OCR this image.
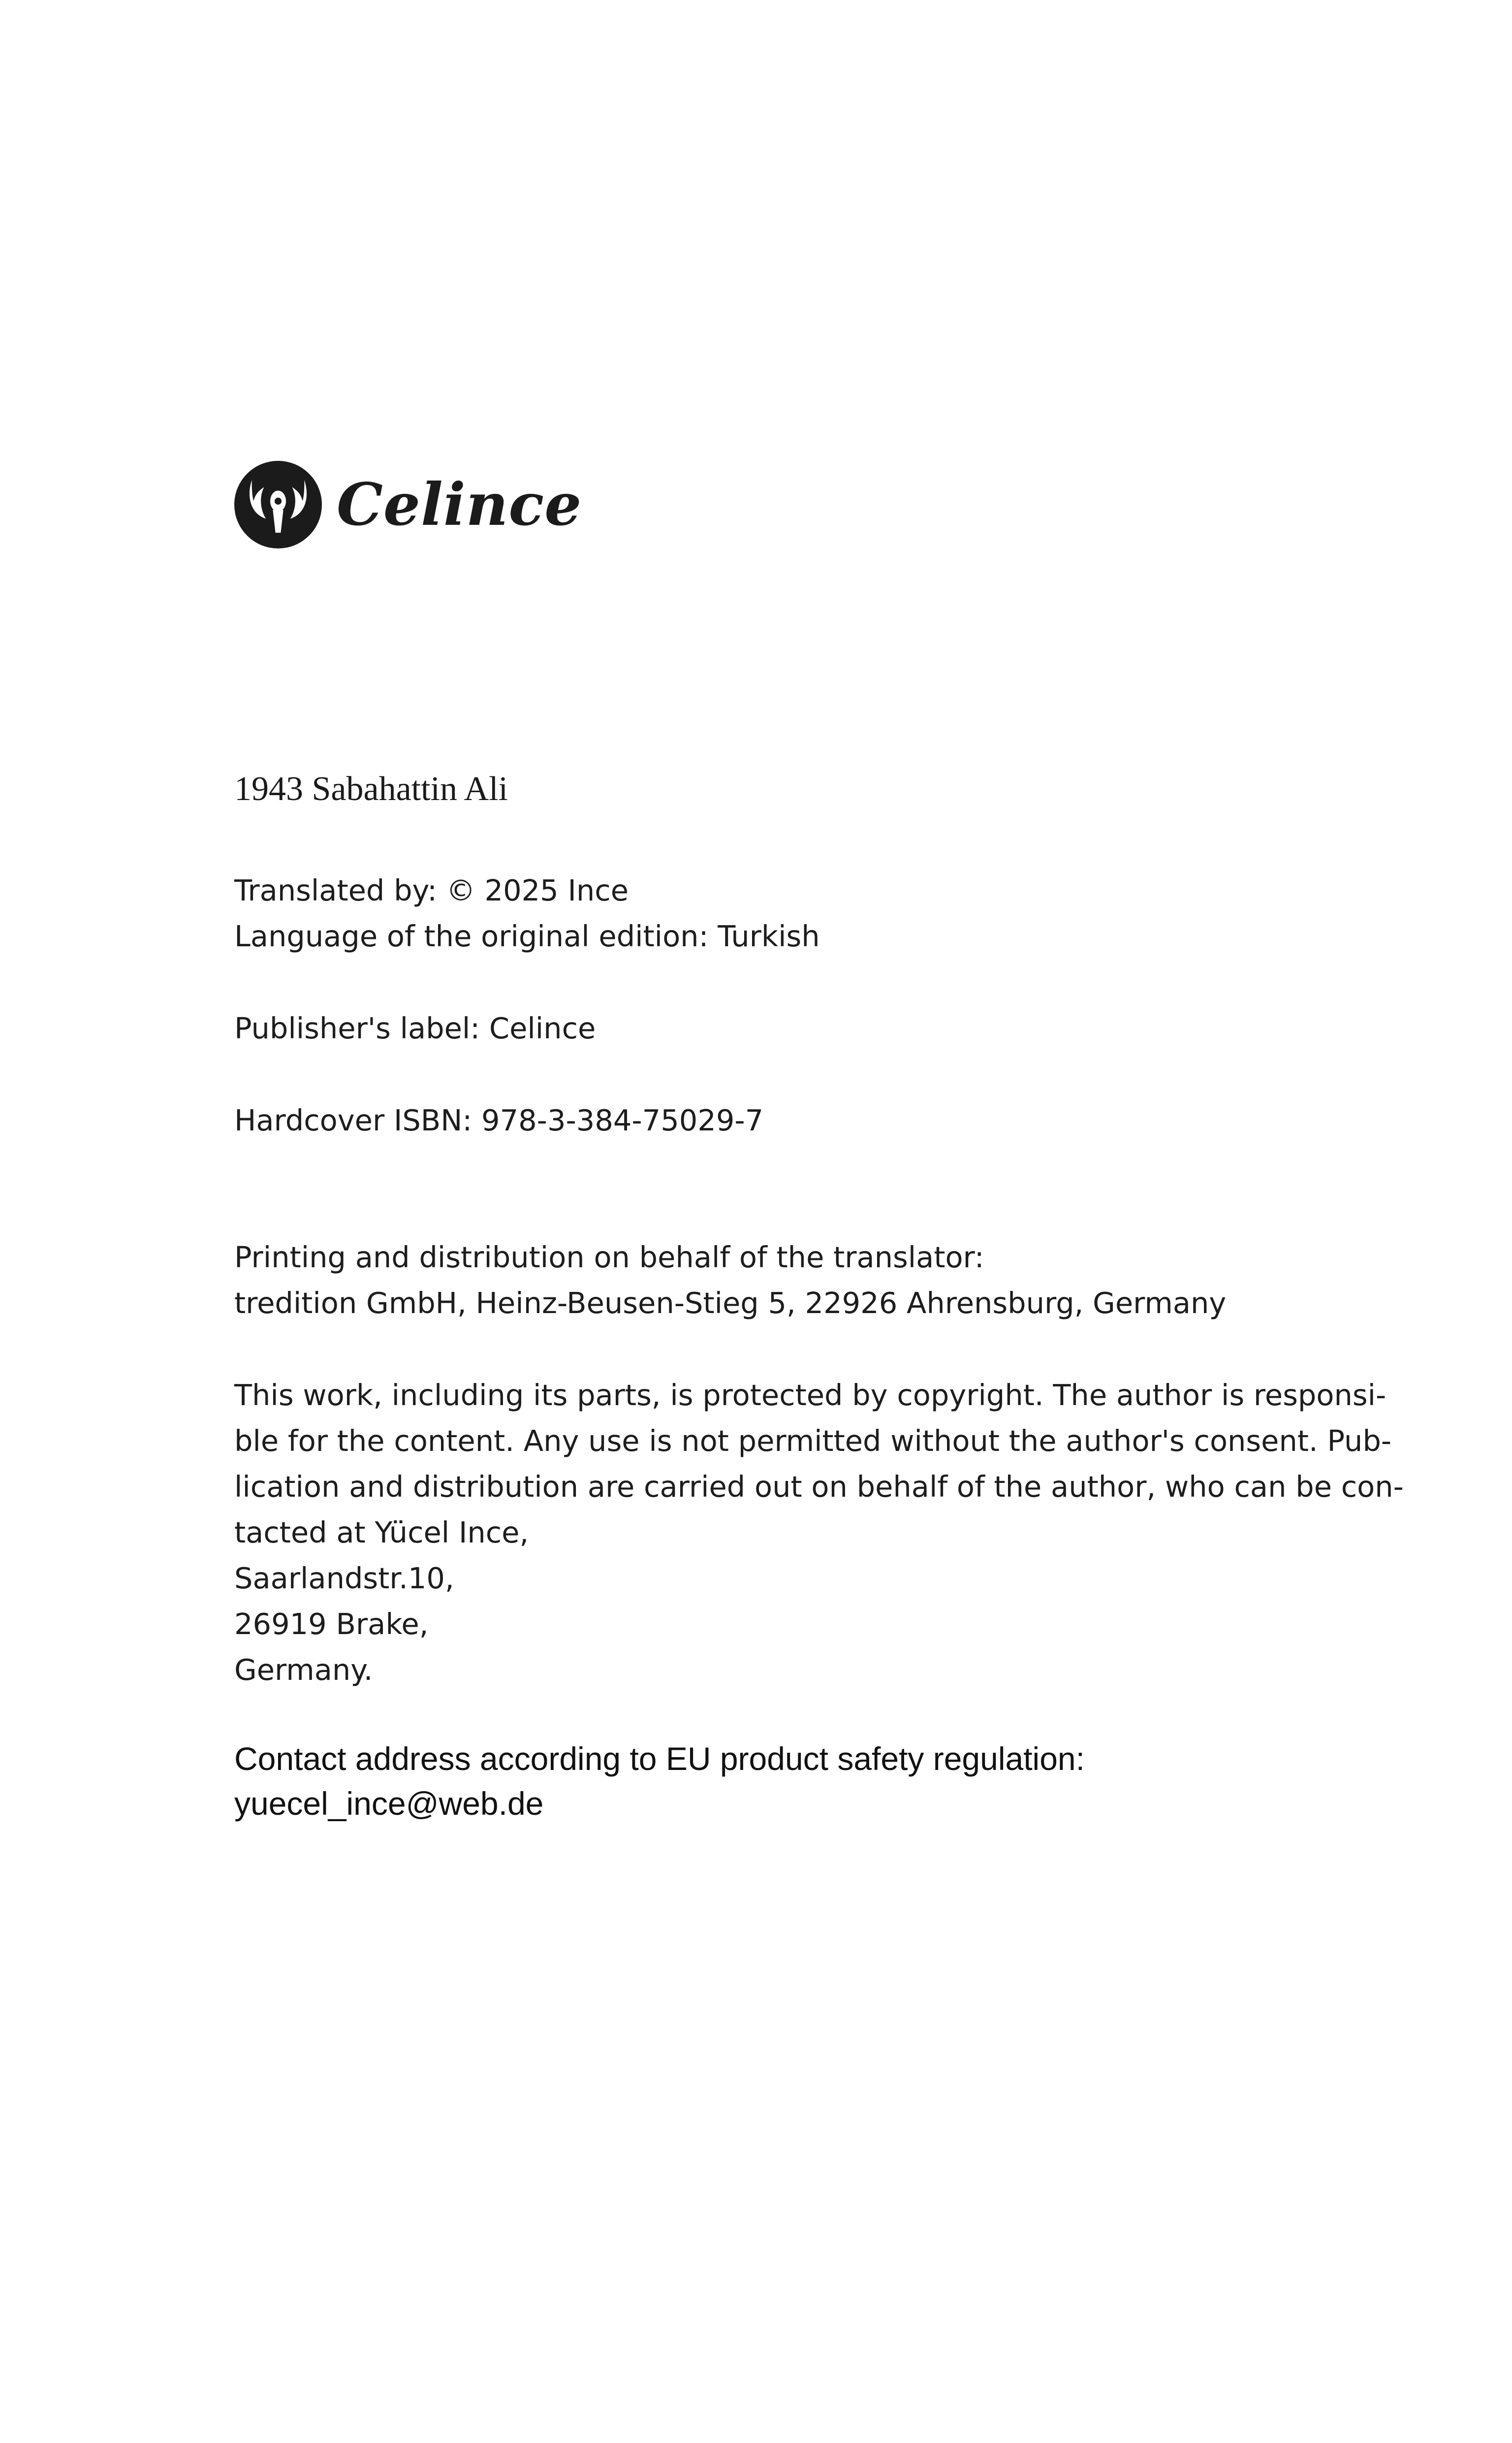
Celince
1943 Sabahattin Ali
Translated by: © 2025 Ince
Language of the original edition: Turkish
Publisher's label: Celince
Hardcover ISBN: 978-3-384-75029-7
Printing and distribution on behalf of the translator:
tredition GmbH, Heinz-Beusen-Stieg 5, 22926 Ahrensburg, Germany
This work, including its parts, is protected by copyright. The author is responsi-
ble for the content. Any use is not permitted without the author's consent. Pub-
lication and distribution are carried out on behalf of the author, who can be con-
tacted at Yücel Ince,
Saarlandstr.10,
26919 Brake,
Germany.
Contact address according to EU product safety regulation:
yuecel_ince@web.de
